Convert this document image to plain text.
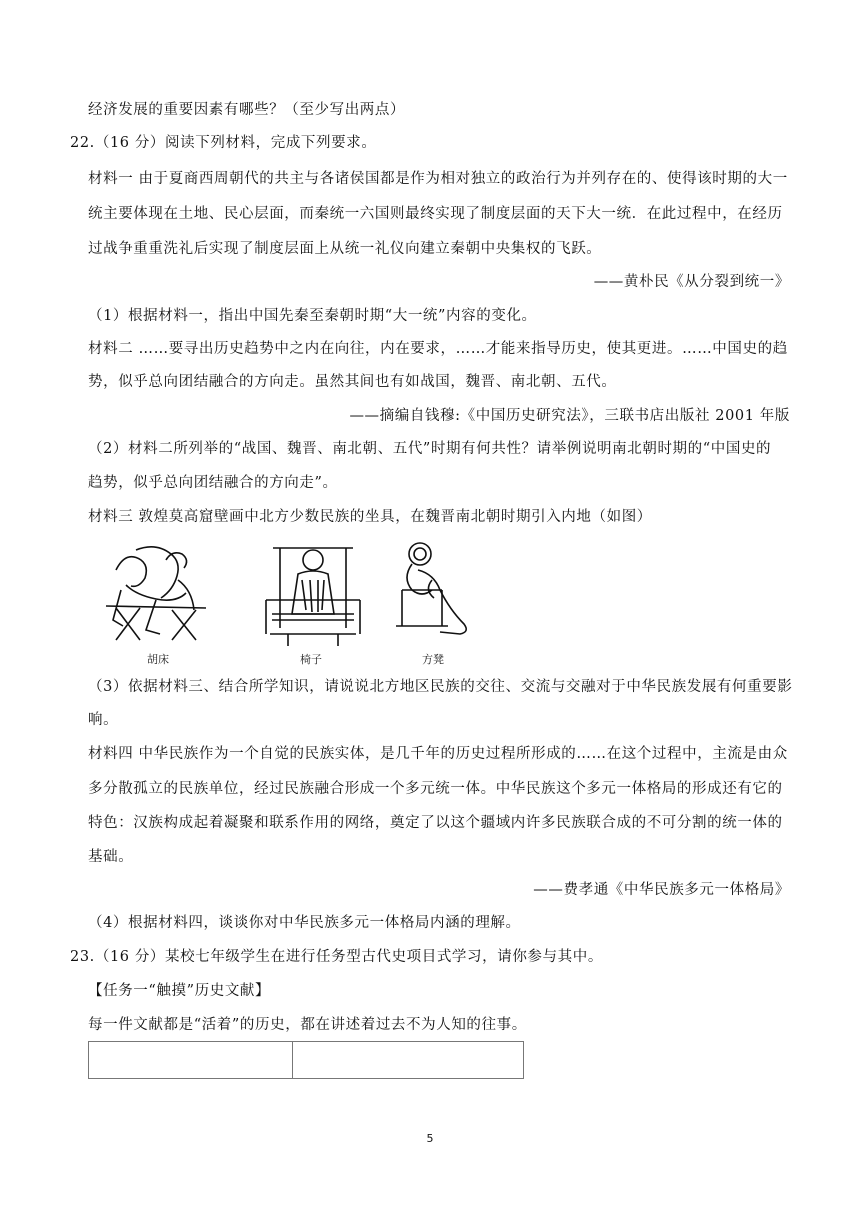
经济发展的重要因素有哪些？（至少写出两点）
22.（16 分）阅读下列材料，完成下列要求。
材料一 由于夏商西周朝代的共主与各诸侯国都是作为相对独立的政治行为并列存在的、使得该时期的大一
统主要体现在土地、民心层面，而秦统一六国则最终实现了制度层面的天下大一统．在此过程中，在经历
过战争重重洗礼后实现了制度层面上从统一礼仪向建立秦朝中央集权的飞跃。
——黄朴民《从分裂到统一》
（1）根据材料一，指出中国先秦至秦朝时期“大一统”内容的变化。
材料二 ……要寻出历史趋势中之内在向往，内在要求，……才能来指导历史，使其更进。……中国史的趋
势，似乎总向团结融合的方向走。虽然其间也有如战国，魏晋、南北朝、五代。
——摘编自钱穆:《中国历史研究法》，三联书店出版社 2001 年版
（2）材料二所列举的“战国、魏晋、南北朝、五代”时期有何共性？请举例说明南北朝时期的“中国史的
趋势，似乎总向团结融合的方向走”。
材料三 敦煌莫高窟壁画中北方少数民族的坐具，在魏晋南北朝时期引入内地（如图）
胡床	椅子	方凳
（3）依据材料三、结合所学知识，请说说北方地区民族的交往、交流与交融对于中华民族发展有何重要影
响。
材料四 中华民族作为一个自觉的民族实体，是几千年的历史过程所形成的……在这个过程中，主流是由众
多分散孤立的民族单位，经过民族融合形成一个多元统一体。中华民族这个多元一体格局的形成还有它的
特色：汉族构成起着凝聚和联系作用的网络，奠定了以这个疆域内许多民族联合成的不可分割的统一体的
基础。
——费孝通《中华民族多元一体格局》
（4）根据材料四，谈谈你对中华民族多元一体格局内涵的理解。
23.（16 分）某校七年级学生在进行任务型古代史项目式学习，请你参与其中。
【任务一“触摸”历史文献】
每一件文献都是“活着”的历史，都在讲述着过去不为人知的往事。

5
